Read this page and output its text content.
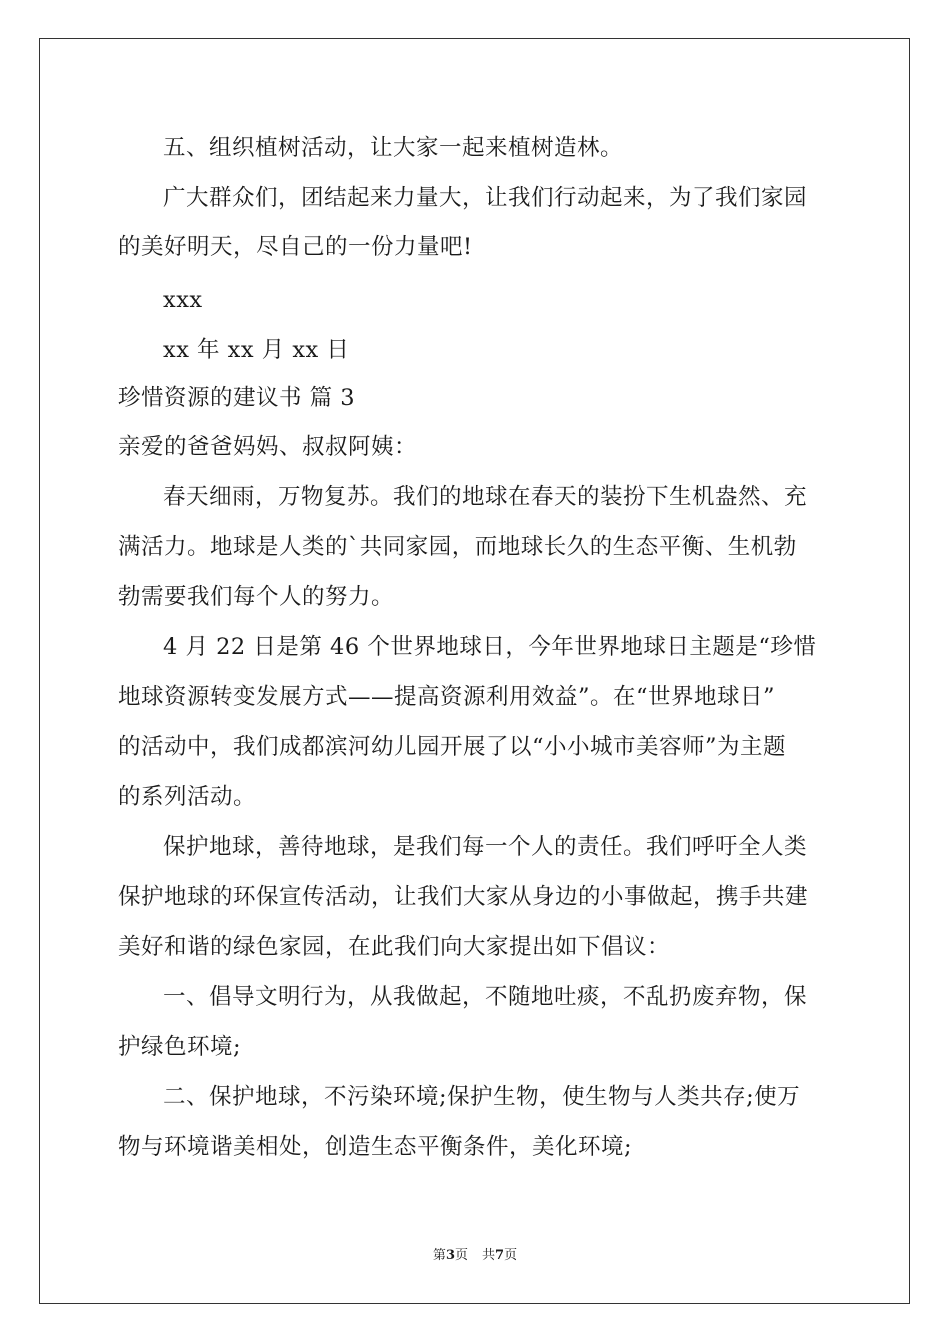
五、组织植树活动，让大家一起来植树造林。
广大群众们，团结起来力量大，让我们行动起来，为了我们家园
的美好明天，尽自己的一份力量吧!
xxx
xx 年 xx 月 xx 日
珍惜资源的建议书 篇 3
亲爱的爸爸妈妈、叔叔阿姨：
春天细雨，万物复苏。我们的地球在春天的装扮下生机盎然、充
满活力。地球是人类的`共同家园，而地球长久的生态平衡、生机勃
勃需要我们每个人的努力。
4 月 22 日是第 46 个世界地球日，今年世界地球日主题是“珍惜
地球资源转变发展方式——提高资源利用效益”。在“世界地球日”
的活动中，我们成都滨河幼儿园开展了以“小小城市美容师”为主题
的系列活动。
保护地球，善待地球，是我们每一个人的责任。我们呼吁全人类
保护地球的环保宣传活动，让我们大家从身边的小事做起，携手共建
美好和谐的绿色家园，在此我们向大家提出如下倡议：
一、倡导文明行为，从我做起，不随地吐痰，不乱扔废弃物，保
护绿色环境;
二、保护地球，不污染环境;保护生物，使生物与人类共存;使万
物与环境谐美相处，创造生态平衡条件，美化环境;
第3页 共7页
